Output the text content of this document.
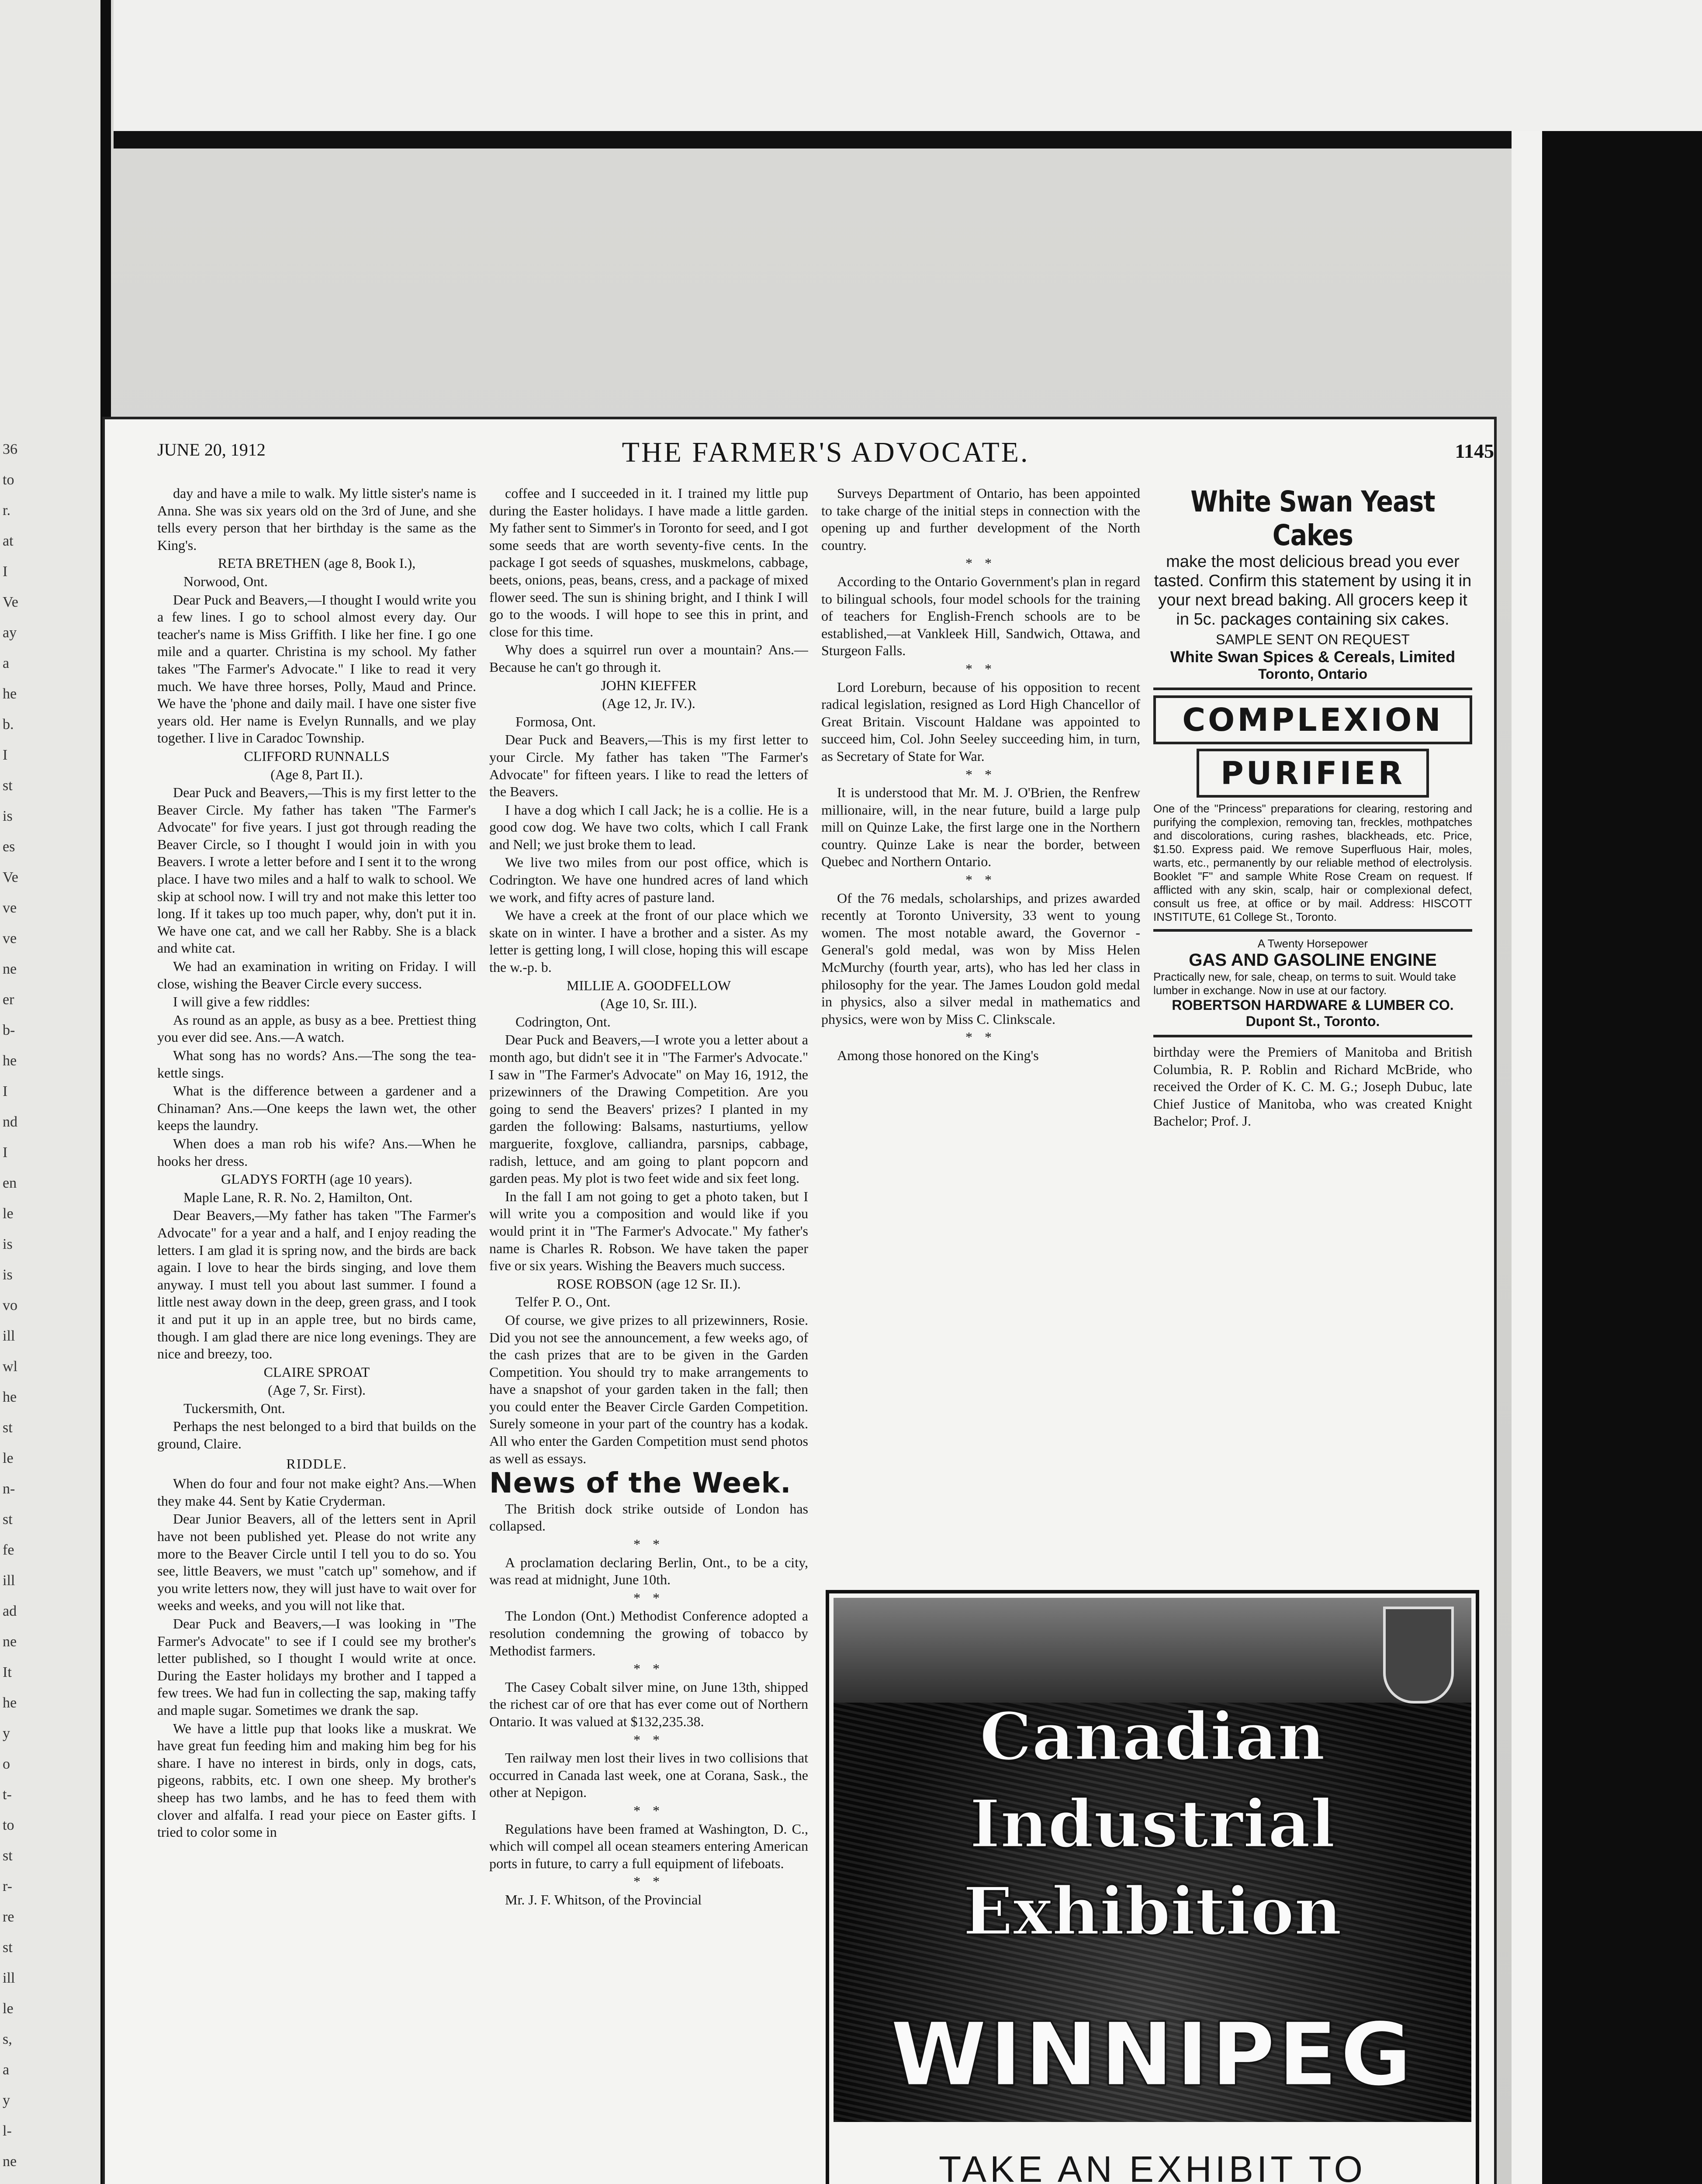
36
to
r.
at
I
Ve
ay
a
he
b.
I
st
is
es
Ve
ve
ve
ne
er
b-
he
I
nd
I
en
le
is
is
vo
ill
wl
he
st
le
n-
st
fe
ill
ad
ne
It
he
y
o
t-
to
st
r-
re
st
ill
le
s,
a
y
l-
ne
JUNE 20, 1912	THE FARMER'S ADVOCATE.	1145

day and have a mile to walk. My little sister's name is Anna. She was six years old on the 3rd of June, and she tells every person that her birthday is the same as the King's.

RETA BRETHEN (age 8, Book I.),

Norwood, Ont.

Dear Puck and Beavers,—I thought I would write you a few lines. I go to school almost every day. Our teacher's name is Miss Griffith. I like her fine. I go one mile and a quarter. Christina is my school. My father takes "The Farmer's Advocate." I like to read it very much. We have three horses, Polly, Maud and Prince. We have the 'phone and daily mail. I have one sister five years old. Her name is Evelyn Runnalls, and we play together. I live in Caradoc Township.

CLIFFORD RUNNALLS

(Age 8, Part II.).

Dear Puck and Beavers,—This is my first letter to the Beaver Circle. My father has taken "The Farmer's Advocate" for five years. I just got through reading the Beaver Circle, so I thought I would join in with you Beavers. I wrote a letter before and I sent it to the wrong place. I have two miles and a half to walk to school. We skip at school now. I will try and not make this letter too long. If it takes up too much paper, why, don't put it in. We have one cat, and we call her Rabby. She is a black and white cat.

We had an examination in writing on Friday. I will close, wishing the Beaver Circle every success.

I will give a few riddles:

As round as an apple, as busy as a bee. Prettiest thing you ever did see. Ans.—A watch.

What song has no words? Ans.—The song the tea-kettle sings.

What is the difference between a gardener and a Chinaman? Ans.—One keeps the lawn wet, the other keeps the laundry.

When does a man rob his wife? Ans.—When he hooks her dress.

GLADYS FORTH (age 10 years).

Maple Lane, R. R. No. 2, Hamilton, Ont.

Dear Beavers,—My father has taken "The Farmer's Advocate" for a year and a half, and I enjoy reading the letters. I am glad it is spring now, and the birds are back again. I love to hear the birds singing, and love them anyway. I must tell you about last summer. I found a little nest away down in the deep, green grass, and I took it and put it up in an apple tree, but no birds came, though. I am glad there are nice long evenings. They are nice and breezy, too.

CLAIRE SPROAT

(Age 7, Sr. First).

Tuckersmith, Ont.

Perhaps the nest belonged to a bird that builds on the ground, Claire.

RIDDLE.

When do four and four not make eight? Ans.—When they make 44. Sent by Katie Cryderman.

Dear Junior Beavers, all of the letters sent in April have not been published yet. Please do not write any more to the Beaver Circle until I tell you to do so. You see, little Beavers, we must "catch up" somehow, and if you write letters now, they will just have to wait over for weeks and weeks, and you will not like that.

Dear Puck and Beavers,—I was looking in "The Farmer's Advocate" to see if I could see my brother's letter published, so I thought I would write at once. During the Easter holidays my brother and I tapped a few trees. We had fun in collecting the sap, making taffy and maple sugar. Sometimes we drank the sap.

We have a little pup that looks like a muskrat. We have great fun feeding him and making him beg for his share. I have no interest in birds, only in dogs, cats, pigeons, rabbits, etc. I own one sheep. My brother's sheep has two lambs, and he has to feed them with clover and alfalfa. I read your piece on Easter gifts. I tried to color some in

coffee and I succeeded in it. I trained my little pup during the Easter holidays. I have made a little garden. My father sent to Simmer's in Toronto for seed, and I got some seeds that are worth seventy-five cents. In the package I got seeds of squashes, muskmelons, cabbage, beets, onions, peas, beans, cress, and a package of mixed flower seed. The sun is shining bright, and I think I will go to the woods. I will hope to see this in print, and close for this time.

Why does a squirrel run over a mountain? Ans.—Because he can't go through it.

JOHN KIEFFER

(Age 12, Jr. IV.).

Formosa, Ont.

Dear Puck and Beavers,—This is my first letter to your Circle. My father has taken "The Farmer's Advocate" for fifteen years. I like to read the letters of the Beavers.

I have a dog which I call Jack; he is a collie. He is a good cow dog. We have two colts, which I call Frank and Nell; we just broke them to lead.

We live two miles from our post office, which is Codrington. We have one hundred acres of land which we work, and fifty acres of pasture land.

We have a creek at the front of our place which we skate on in winter. I have a brother and a sister. As my letter is getting long, I will close, hoping this will escape the w.-p. b.

MILLIE A. GOODFELLOW

(Age 10, Sr. III.).

Codrington, Ont.

Dear Puck and Beavers,—I wrote you a letter about a month ago, but didn't see it in "The Farmer's Advocate." I saw in "The Farmer's Advocate" on May 16, 1912, the prizewinners of the Drawing Competition. Are you going to send the Beavers' prizes? I planted in my garden the following: Balsams, nasturtiums, yellow marguerite, foxglove, calliandra, parsnips, cabbage, radish, lettuce, and am going to plant popcorn and garden peas. My plot is two feet wide and six feet long.

In the fall I am not going to get a photo taken, but I will write you a composition and would like if you would print it in "The Farmer's Advocate." My father's name is Charles R. Robson. We have taken the paper five or six years. Wishing the Beavers much success.

ROSE ROBSON (age 12 Sr. II.).

Telfer P. O., Ont.

Of course, we give prizes to all prizewinners, Rosie. Did you not see the announcement, a few weeks ago, of the cash prizes that are to be given in the Garden Competition. You should try to make arrangements to have a snapshot of your garden taken in the fall; then you could enter the Beaver Circle Garden Competition. Surely someone in your part of the country has a kodak. All who enter the Garden Competition must send photos as well as essays.

News of the Week.

The British dock strike outside of London has collapsed.

* *

A proclamation declaring Berlin, Ont., to be a city, was read at midnight, June 10th.

* *

The London (Ont.) Methodist Conference adopted a resolution condemning the growing of tobacco by Methodist farmers.

* *

The Casey Cobalt silver mine, on June 13th, shipped the richest car of ore that has ever come out of Northern Ontario. It was valued at $132,235.38.

* *

Ten railway men lost their lives in two collisions that occurred in Canada last week, one at Corana, Sask., the other at Nepigon.

* *

Regulations have been framed at Washington, D. C., which will compel all ocean steamers entering American ports in future, to carry a full equipment of lifeboats.

* *

Mr. J. F. Whitson, of the Provincial

Surveys Department of Ontario, has been appointed to take charge of the initial steps in connection with the opening up and further development of the North country.

* *

According to the Ontario Government's plan in regard to bilingual schools, four model schools for the training of teachers for English-French schools are to be established,—at Vankleek Hill, Sandwich, Ottawa, and Sturgeon Falls.

* *

Lord Loreburn, because of his opposition to recent radical legislation, resigned as Lord High Chancellor of Great Britain. Viscount Haldane was appointed to succeed him, Col. John Seeley succeeding him, in turn, as Secretary of State for War.

* *

It is understood that Mr. M. J. O'Brien, the Renfrew millionaire, will, in the near future, build a large pulp mill on Quinze Lake, the first large one in the Northern country. Quinze Lake is near the border, between Quebec and Northern Ontario.

* *

Of the 76 medals, scholarships, and prizes awarded recently at Toronto University, 33 went to young women. The most notable award, the Governor - General's gold medal, was won by Miss Helen McMurchy (fourth year, arts), who has led her class in philosophy for the year. The James Loudon gold medal in physics, also a silver medal in mathematics and physics, were won by Miss C. Clinkscale.

* *

Among those honored on the King's

White Swan Yeast Cakes
make the most delicious bread you ever tasted. Confirm this statement by using it in your next bread baking. All grocers keep it in 5c. packages containing six cakes.
SAMPLE SENT ON REQUEST
White Swan Spices & Cereals, Limited
Toronto, Ontario
COMPLEXION
PURIFIER
One of the "Princess" preparations for clearing, restoring and purifying the complexion, removing tan, freckles, mothpatches and discolorations, curing rashes, blackheads, etc. Price, $1.50. Express paid. We remove Superfluous Hair, moles, warts, etc., permanently by our reliable method of electrolysis. Booklet "F" and sample White Rose Cream on request. If afflicted with any skin, scalp, hair or complexional defect, consult us free, at office or by mail. Address: HISCOTT INSTITUTE, 61 College St., Toronto.
A Twenty Horsepower
GAS AND GASOLINE ENGINE
Practically new, for sale, cheap, on terms to suit. Would take lumber in exchange. Now in use at our factory.
ROBERTSON HARDWARE & LUMBER CO.
Dupont St., Toronto.
birthday were the Premiers of Manitoba and British Columbia, R. P. Roblin and Richard McBride, who received the Order of K. C. M. G.; Joseph Dubuc, late Chief Justice of Manitoba, who was created Knight Bachelor; Prof. J.
Canadian
Industrial
Exhibition
WINNIPEG
TAKE AN EXHIBIT TO
